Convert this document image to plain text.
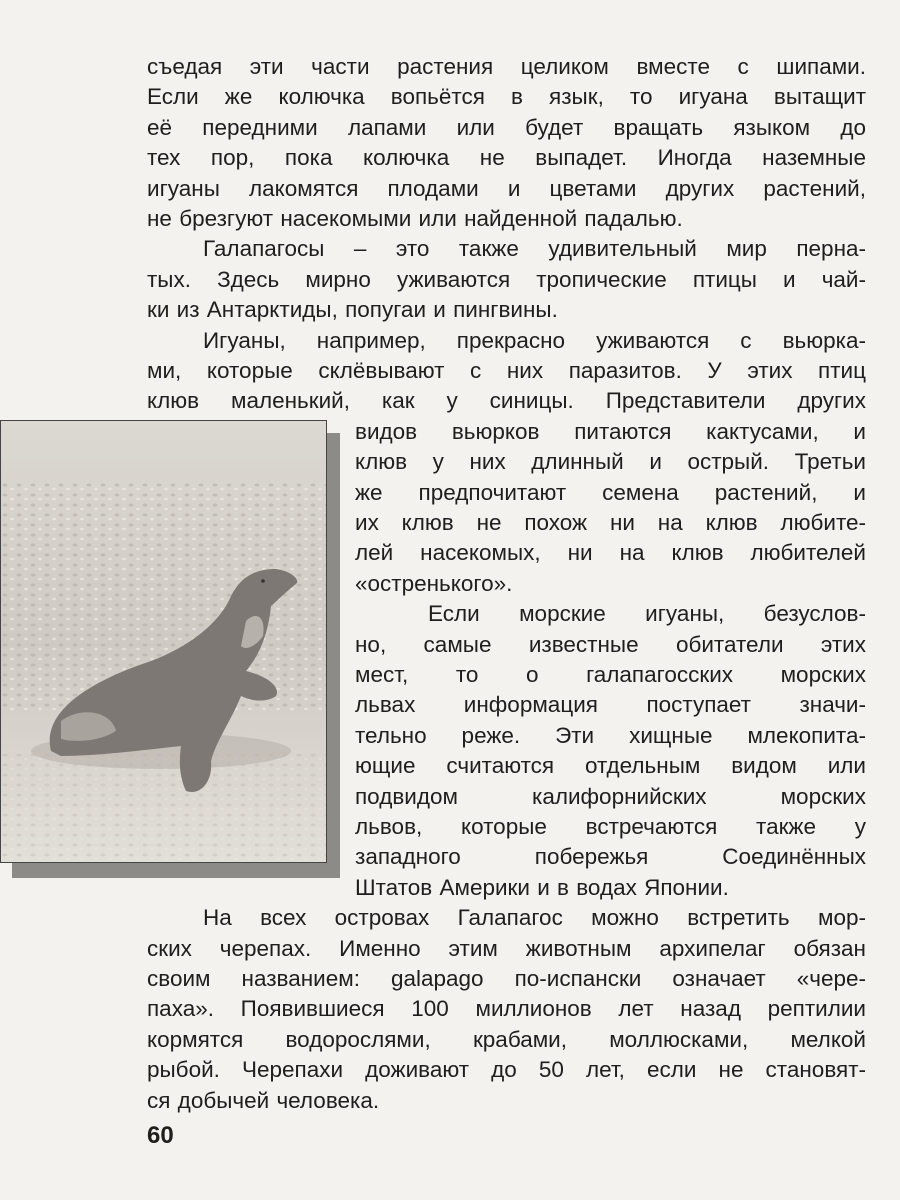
съедая эти части растения целиком вместе с шипами.
Если же колючка вопьётся в язык, то игуана вытащит
её передними лапами или будет вращать языком до
тех пор, пока колючка не выпадет. Иногда наземные
игуаны лакомятся плодами и цветами других растений,
не брезгуют насекомыми или найденной падалью.
Галапагосы – это также удивительный мир перна-
тых. Здесь мирно уживаются тропические птицы и чай-
ки из Антарктиды, попугаи и пингвины.
Игуаны, например, прекрасно уживаются с вьюрка-
ми, которые склёвывают с них паразитов. У этих птиц
клюв маленький, как у синицы. Представители других
видов вьюрков питаются кактусами, и
клюв у них длинный и острый. Третьи
же предпочитают семена растений, и
их клюв не похож ни на клюв любите-
лей насекомых, ни на клюв любителей
«остренького».
Если морские игуаны, безуслов-
но, самые известные обитатели этих
мест, то о галапагосских морских
львах информация поступает значи-
тельно реже. Эти хищные млекопита-
ющие считаются отдельным видом или
подвидом калифорнийских морских
львов, которые встречаются также у
западного побережья Соединённых
Штатов Америки и в водах Японии.
На всех островах Галапагос можно встретить мор-
ских черепах. Именно этим животным архипелаг обязан
своим названием: galapago по-испански означает «чере-
паха». Появившиеся 100 миллионов лет назад рептилии
кормятся водорослями, крабами, моллюсками, мелкой
рыбой. Черепахи доживают до 50 лет, если не становят-
ся добычей человека.
60
